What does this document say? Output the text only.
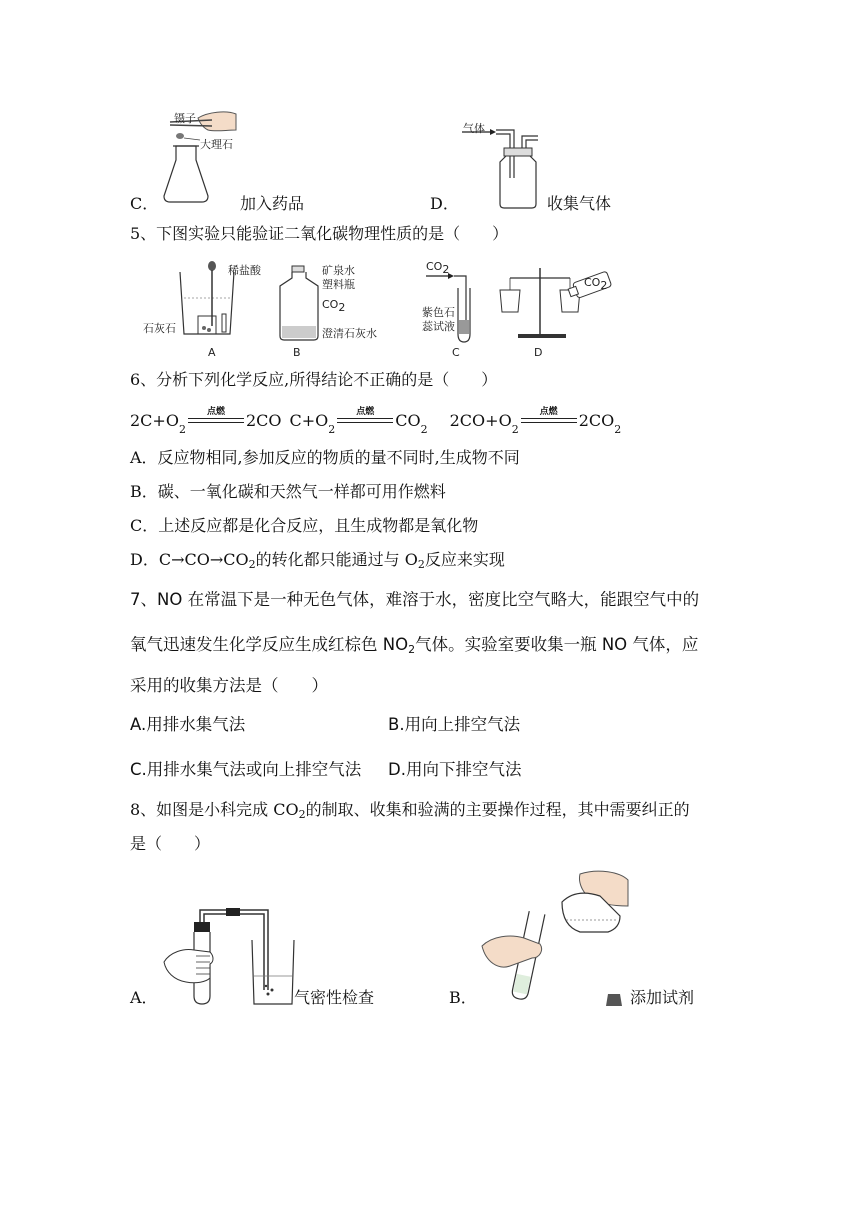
镊子
大理石
C．	加入药品
气体
D．	收集气体
5、下图实验只能验证二氧化碳物理性质的是（　　）
稀盐酸
石灰石
A
矿泉水
塑料瓶
$CO_2$
澄清石灰水
B
$CO_2$
紫色石
蕊试液
C
$CO_2$
D
6、分析下列化学反应,所得结论不正确的是（　　）
2C+O 2
点燃	2CO C+O 2
点燃	CO 2 2CO+O 2
点燃	2CO 2
A．反应物相同,参加反应的物质的量不同时,生成物不同
B．碳、一氧化碳和天然气一样都可用作燃料
C．上述反应都是化合反应，且生成物都是氧化物
D．$C\to CO\to CO_2$的转化都只能通过与 $O_2$反应来实现
7、NO 在常温下是一种无色气体，难溶于水，密度比空气略大，能跟空气中的
氧气迅速发生化学反应生成红棕色 $NO_2$气体。实验室要收集一瓶 NO 气体，应
采用的收集方法是（　　）
A.用排水集气法	B.用向上排空气法
C.用排水集气法或向上排空气法 D.用向下排空气法
8、如图是小科完成 $CO_2$的制取、收集和验满的主要操作过程，其中需要纠正的
是（　　）
A．	气密性检查	B．	添加试剂
